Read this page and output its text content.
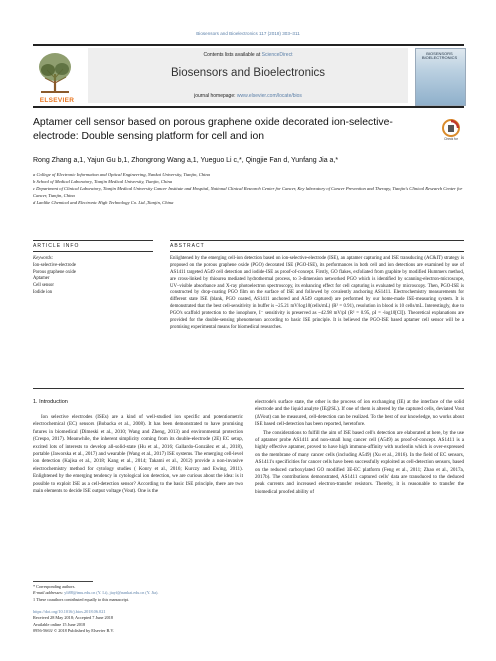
Biosensors and Bioelectronics 117 (2018) 303–311
ELSEVIER
Contents lists available at ScienceDirect
Biosensors and Bioelectronics
journal homepage: www.elsevier.com/locate/bios
BIOSENSORS BIOELECTRONICS
Aptamer cell sensor based on porous graphene oxide decorated ion-selective-electrode: Double sensing platform for cell and ion	Check for
Rong Zhang a,1, Yajun Gu b,1, Zhongrong Wang a,1, Yueguo Li c,*, Qingjie Fan d, Yunfang Jia a,*
a College of Electronic Information and Optical Engineering, Nankai University, Tianjin, China
b School of Medical Laboratory, Tianjin Medical University, Tianjin, China
c Department of Clinical Laboratory, Tianjin Medical University Cancer Institute and Hospital, National Clinical Research Center for Cancer, Key laboratory of Cancer Prevention and Therapy, Tianjin's Clinical Research Center for Cancer, Tianjin, China
d Lanlike Chemical and Electronic High Technology Co. Ltd.,Tianjin, China
ARTICLE INFO	ABSTRACT
Keywords:
Ion-selective-electrode
Porous graphene oxide
Aptamer
Cell sensor
Iodide ion
Enlightened by the emerging cell-ion detection based on ion-selective-electrode (ISE), an aptamer capturing and ISE transducing (AC&IT) strategy is proposed on the porous graphene oxide (PGO) decorated ISE (PGO-ISE), its performances in both cell and ion detections are examined by use of AS1411 targeted A549 cell detection and iodide-ISE as proof-of-concept. Firstly, GO flakes, exfoliated from graphite by modified Hummers method, are cross-linked by thiourea mediated hydrothermal process, to 3-dimension networked PGO which is identified by scanning-electron-microscope, UV–visible absorbance and X-ray photoelectron spectroscopy, its enhancing effect for cell capturing is evaluated by microscopy. Then, PGO-ISE is constructed by drop-coating PGO film on the surface of ISE and followed by covalently anchoring AS1411. Electrochemistry measurements for different state ISE (blank, PGO coated, AS1411 anchored and A549 captured) are performed by our home-made ISE-measuring system. It is demonstrated that the best cell-sensitivity in buffer is ~25.21 mV/log10(cells/mL) (R² = 0.91), resolution in blood is 10 cells/mL. Interestingly, due to PGO's scaffold protection to the ionophore, I⁻ sensitivity is preserved as ~42.98 mV/pI (R² = 0.95, pI = -log10[CI]). Theoretical explanations are provided for the double-sensing phenomenon according to basic ISE principle. It is believed the PGO-ISE based aptamer cell sensor will be a promising experimental means for biomedical researches.
1. Introduction

Ion selective electrodes (ISEs) are a kind of well-studied ion specific and potentiometric electrochemical (EC) sensors (Bobacka et al., 2008). It has been demonstrated to have promising futures in biomedical (Dimeski et al., 2010; Wang and Zheng, 2013) and environmental protection (Crespo, 2017). Meanwhile, the inherent simplicity coming from its double-electrode (2E) EC setup, excited lots of interests to develop all-solid-state (Hu et al., 2016; Gallardo-González et al., 2018), portable (Jaworska et al., 2017) and wearable (Wang et al., 2017) ISE systems. The emerging cell-level ion detection (Kajisa et al., 2018; Kang et al., 2014; Takami et al., 2012) provide a non-invasive electrochemistry method for cytology studies ( Konry et al., 2016; Kurczy and Ewing, 2011). Enlightened by the emerging tendency in cytological ion detection, we are curious about the idea: is it possible to exploit ISE as a cell-detection sensor? According to the basic ISE principle, there are two main elements to decide ISE output voltage (Vout). One is the

electrode's surface state, the other is the process of ion exchanging (IE) at the interface of the solid electrode and the liquid analyte (IE@SL). If one of them is altered by the captured cells, deviated Vout (ΔVout) can be measured, cell-detection can be realized. To the best of our knowledge, no works about ISE based cell-detection has been reported, heretofore.

The considerations to fulfill the aim of ISE based cell's detection are elaborated at here, by the use of aptamer probe AS1411 and non-small lung cancer cell (A549) as proof-of-concept. AS1411 is a highly effective aptamer, proved to have high immuno-affinity with nucleolin which is over-expressed on the membrane of many cancer cells (including A549) (Xu et al., 2016). In the field of EC sensors, AS1411's specificities for cancer cells have been successfully exploited as cell-detection sensors, based on the reduced carboxylated GO modified 3E-EC platform (Feng et al., 2011; Zhao et al., 2017a, 2017b). The contributions demonstrated, AS1411 captured cells' data are transduced to the deduced peak currents and increased electron-transfer resistors. Thereby, it is reasonable to transfer the biomedical proofed ability of

* Corresponding authors.
E-mail addresses: yli88@tmu.edu.cn (Y. Li), jiayf@nankai.edu.cn (Y. Jia).
1 These coauthors contributed equally to this manuscript.
https://doi.org/10.1016/j.bios.2018.06.021
Received 28 May 2018; Accepted 7 June 2018
Available online 15 June 2018
0956-5663/ © 2018 Published by Elsevier B.V.
